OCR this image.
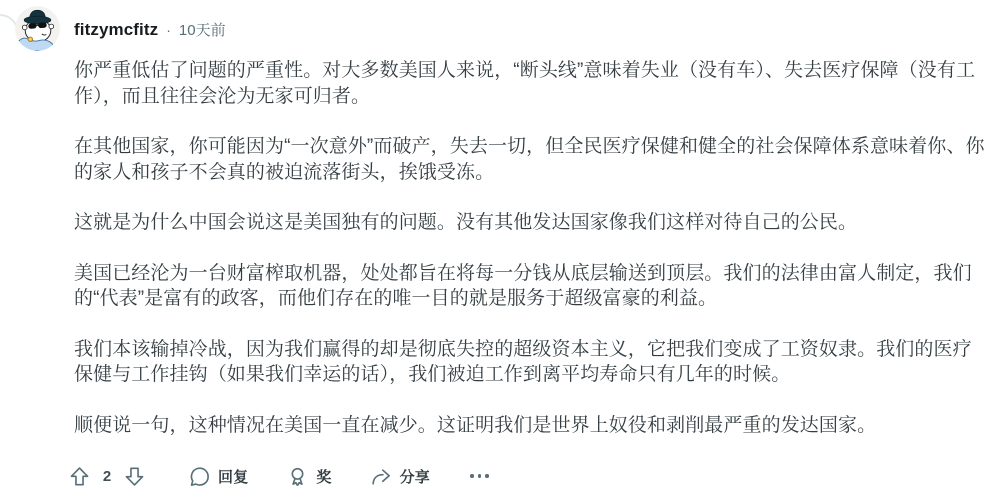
fitzymcfitz · 10天前

你严重低估了问题的严重性。对大多数美国人来说，“断头线”意味着失业（没有车）、失去医疗保障（没有工作），而且往往会沦为无家可归者。

在其他国家，你可能因为“一次意外”而破产，失去一切，但全民医疗保健和健全的社会保障体系意味着你、你的家人和孩子不会真的被迫流落街头，挨饿受冻。

这就是为什么中国会说这是美国独有的问题。没有其他发达国家像我们这样对待自己的公民。

美国已经沦为一台财富榨取机器，处处都旨在将每一分钱从底层输送到顶层。我们的法律由富人制定，我们的“代表”是富有的政客，而他们存在的唯一目的就是服务于超级富豪的利益。

我们本该输掉冷战，因为我们赢得的却是彻底失控的超级资本主义，它把我们变成了工资奴隶。我们的医疗保健与工作挂钩（如果我们幸运的话），我们被迫工作到离平均寿命只有几年的时候。

顺便说一句，这种情况在美国一直在减少。这证明我们是世界上奴役和剥削最严重的发达国家。

2	回复	奖	分享
